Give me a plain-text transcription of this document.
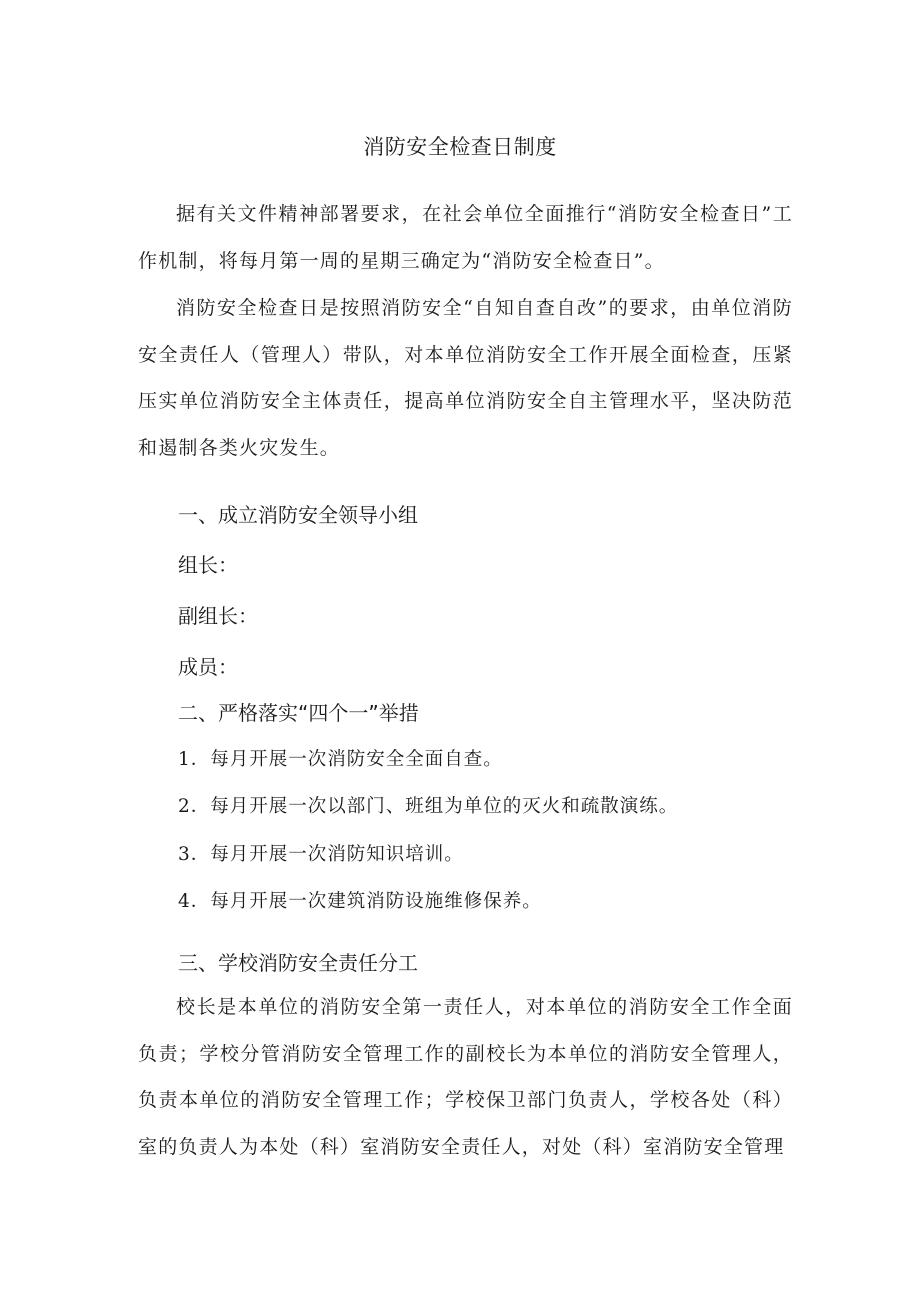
消防安全检查日制度

据有关文件精神部署要求，在社会单位全面推行“消防安全检查日”工作机制，将每月第一周的星期三确定为“消防安全检查日”。

消防安全检查日是按照消防安全“自知自查自改”的要求，由单位消防安全责任人（管理人）带队，对本单位消防安全工作开展全面检查，压紧压实单位消防安全主体责任，提高单位消防安全自主管理水平，坚决防范和遏制各类火灾发生。

一、成立消防安全领导小组

组长：

副组长：

成员：

二、严格落实“四个一”举措

1．每月开展一次消防安全全面自查。

2．每月开展一次以部门、班组为单位的灭火和疏散演练。

3．每月开展一次消防知识培训。

4．每月开展一次建筑消防设施维修保养。

三、学校消防安全责任分工

校长是本单位的消防安全第一责任人，对本单位的消防安全工作全面负责；学校分管消防安全管理工作的副校长为本单位的消防安全管理人，负责本单位的消防安全管理工作；学校保卫部门负责人，学校各处（科）室的负责人为本处（科）室消防安全责任人，对处（科）室消防安全管理
